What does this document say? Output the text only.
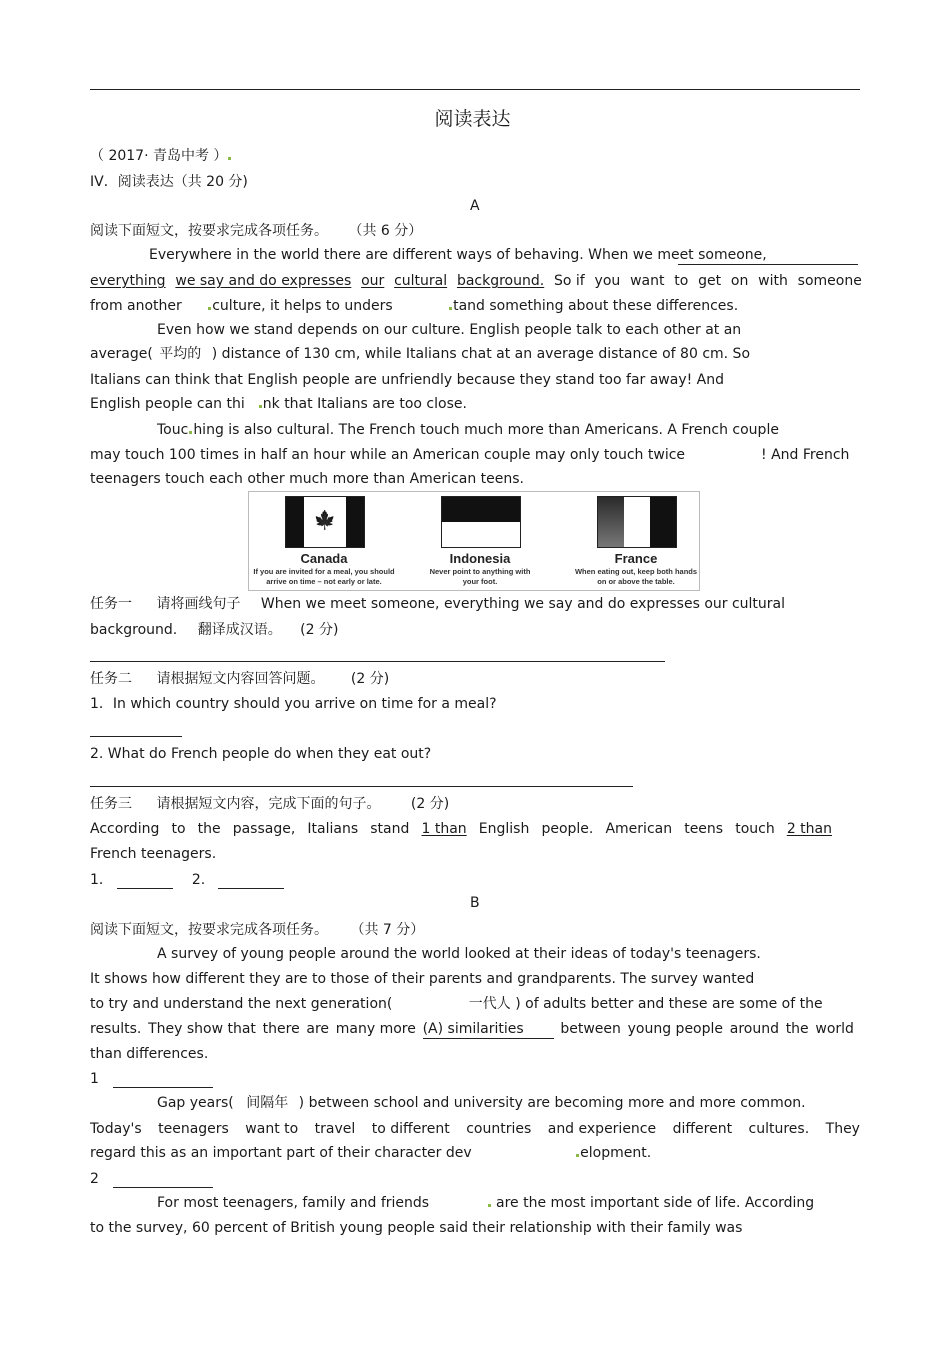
阅读表达
（ 2017· 青岛中考 ）
IV．阅读表达（共 20 分)
A
阅读下面短文，按要求完成各项任务。 （共 6 分）
Everywhere in the world there are different ways of behaving. When we meet someone,
everything we say and do expresses our cultural background. So if you want to get on with someone
from another culture, it helps to unders	tand something about these differences.
Even how we stand depends on our culture. English people talk to each other at an
average( 平均的 ) distance of 130 cm, while Italians chat at an average distance of 80 cm. So
Italians can think that English people are unfriendly because they stand too far away! And
English people can thi nk that Italians are too close.
Touc hing is also cultural. The French touch much more than Americans. A French couple
may touch 100 times in half an hour while an American couple may only touch twice	! And French
teenagers touch each other much more than American teens.
🍁
Canada
If you are invited for a meal, you should
arrive on time – not early or late.
Indonesia
Never point to anything with
your foot.
France
When eating out, keep both hands
on or above the table.
任务一 请将画线句子 When we meet someone, everything we say and do expresses our cultural
background. 翻译成汉语。 (2 分)
任务二 请根据短文内容回答问题。 (2 分)
1．In which country should you arrive on time for a meal?
2. What do French people do when they eat out?
任务三 请根据短文内容，完成下面的句子。 (2 分)
According to the passage, Italians stand 1 than English people. American teens touch 2 than
French teenagers.
1．	2.
B
阅读下面短文，按要求完成各项任务。 （共 7 分）
A survey of young people around the world looked at their ideas of today's teenagers.
It shows how different they are to those of their parents and grandparents. The survey wanted
to try and understand the next generation(	一代人 ) of adults better and these are some of the
results. They show that there are many more (A) similarities	between young people around the world
than differences.
1
Gap years( 间隔年 ) between school and university are becoming more and more common.
Today's teenagers want to travel to different countries and experience different cultures. They
regard this as an important part of their character dev	elopment.
2
For most teenagers, family and friends	are the most important side of life. According
to the survey, 60 percent of British young people said their relationship with their family was
